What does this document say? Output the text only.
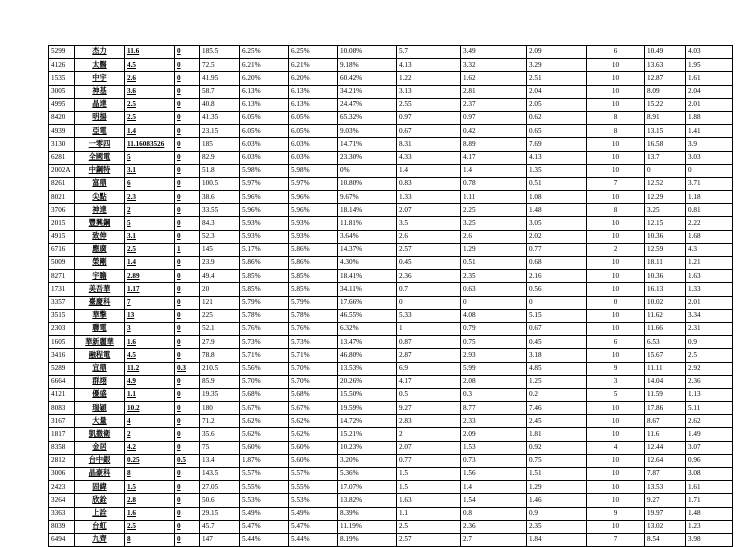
5299	杰力	11.6	0	185.5	6.25%	6.25%	10.08%	5.7	3.49	2.09	6	10.49	4.03
4126	太醫	4.5	0	72.5	6.21%	6.21%	9.18%	4.13	3.32	3.29	10	13.63	1.95
1535	中宇	2.6	0	41.95	6.20%	6.20%	60.42%	1.22	1.62	2.51	10	12.87	1.61
3005	神基	3.6	0	58.7	6.13%	6.13%	34.21%	3.13	2.81	2.04	10	8.09	2.04
4995	晶達	2.5	0	40.8	6.13%	6.13%	24.47%	2.55	2.37	2.05	10	15.22	2.01
8420	明揚	2.5	0	41.35	6.05%	6.05%	65.32%	0.97	0.97	0.62	8	8.91	1.88
4939	亞電	1.4	0	23.15	6.05%	6.05%	9.03%	0.67	0.42	0.65	8	13.15	1.41
3130	一零四	11.16083526	0	185	6.03%	6.03%	14.71%	8.31	8.89	7.69	10	16.58	3.9
6281	全國電	5	0	82.9	6.03%	6.03%	23.30%	4.33	4.17	4.13	10	13.7	3.03
2002A	中鋼特	3.1	0	51.8	5.98%	5.98%	0%	1.4	1.4	1.35	10	0	0
8261	富鼎	6	0	100.5	5.97%	5.97%	10.80%	0.83	0.78	0.51	7	12.52	3.71
8021	尖點	2.3	0	38.6	5.96%	5.96%	9.67%	1.33	1.11	1.08	10	12.29	1.18
3706	神達	2	0	33.55	5.96%	5.96%	18.14%	2.07	2.25	1.48	8	3.25	0.81
2015	豐興鋼	5	0	84.3	5.93%	5.93%	11.81%	3.5	3.25	3.05	10	12.15	2.22
4915	致伸	3.1	0	52.3	5.93%	5.93%	3.64%	2.6	2.6	2.02	10	10.36	1.68
6716	應廣	2.5	1	145	5.17%	5.86%	14.37%	2.57	1.29	0.77	2	12.59	4.3
5009	榮剛	1.4	0	23.9	5.86%	5.86%	4.30%	0.45	0.51	0.68	10	18.11	1.21
8271	宇瞻	2.89	0	49.4	5.85%	5.85%	18.41%	2.36	2.35	2.16	10	10.36	1.63
1731	美吾華	1.17	0	20	5.85%	5.85%	34.11%	0.7	0.63	0.56	10	16.13	1.33
3357	臺慶科	7	0	121	5.79%	5.79%	17.66%	0	0	0	0	10.02	2.01
3515	華擎	13	0	225	5.78%	5.78%	46.55%	5.33	4.08	5.15	10	11.62	3.34
2303	聯電	3	0	52.1	5.76%	5.76%	6.32%	1	0.79	0.67	10	11.66	2.31
1605	華新麗華	1.6	0	27.9	5.73%	5.73%	13.47%	0.87	0.75	0.45	6	6.53	0.9
3416	融程電	4.5	0	78.8	5.71%	5.71%	46.80%	2.87	2.93	3.18	10	15.67	2.5
5289	宜鼎	11.2	0.3	210.5	5.56%	5.70%	13.53%	6.9	5.99	4.85	9	11.11	2.92
6664	群翊	4.9	0	85.9	5.70%	5.70%	20.26%	4.17	2.08	1.25	3	14.04	2.36
4121	優盛	1.1	0	19.35	5.68%	5.68%	15.50%	0.5	0.3	0.2	5	11.59	1.13
8083	瑞穎	10.2	0	180	5.67%	5.67%	19.59%	9.27	8.77	7.46	10	17.86	5.11
3167	大量	4	0	71.2	5.62%	5.62%	14.72%	2.83	2.33	2.45	10	8.67	2.62
1817	凱撒衛	2	0	35.6	5.62%	5.62%	15.21%	2	2.09	1.81	10	11.6	1.49
8358	金居	4.2	0	75	5.60%	5.60%	10.23%	2.07	1.53	0.92	4	12.44	3.07
2812	台中銀	0.25	0.5	13.4	1.87%	5.60%	3.20%	0.77	0.73	0.75	10	12.64	0.96
3006	晶豪科	8	0	143.5	5.57%	5.57%	5.36%	1.5	1.56	1.51	10	7.87	3.08
2423	固緯	1.5	0	27.05	5.55%	5.55%	17.07%	1.5	1.4	1.29	10	13.53	1.61
3264	欣銓	2.8	0	50.6	5.53%	5.53%	13.82%	1.63	1.54	1.46	10	9.27	1.71
3363	上詮	1.6	0	29.15	5.49%	5.49%	8.39%	1.1	0.8	0.9	9	19.97	1.48
8039	台虹	2.5	0	45.7	5.47%	5.47%	11.19%	2.5	2.36	2.35	10	13.02	1.23
6494	九齊	8	0	147	5.44%	5.44%	8.19%	2.57	2.7	1.84	7	8.54	3.98
